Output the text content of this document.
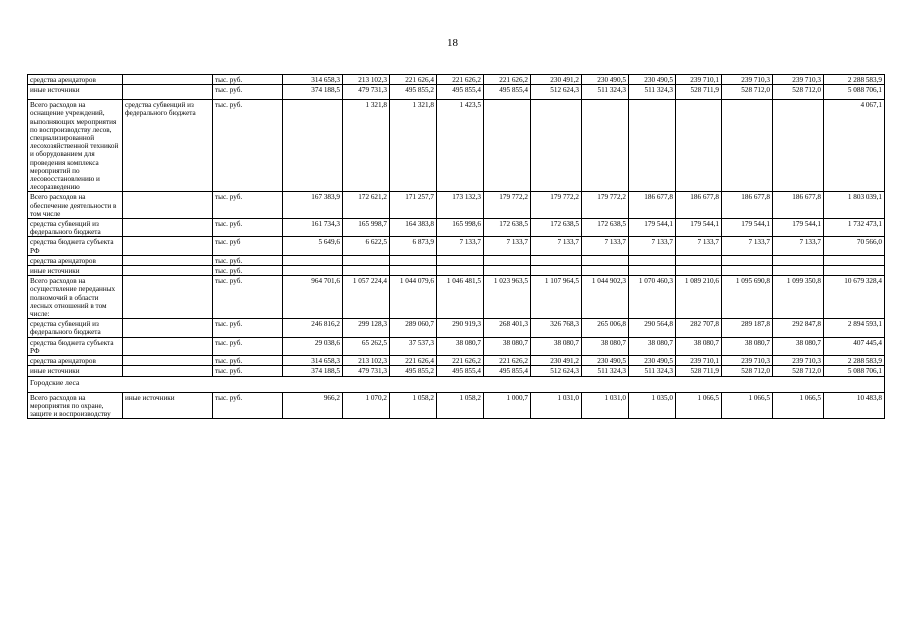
18
средства арендаторов		тыс. руб.	314 658,3	213 102,3	221 626,4	221 626,2	221 626,2	230 491,2	230 490,5	230 490,5	239 710,1	239 710,3	239 710,3	2 288 583,9
иные источники		тыс. руб.	374 188,5	479 731,3	495 855,2	495 855,4	495 855,4	512 624,3	511 324,3	511 324,3	528 711,9	528 712,0	528 712,0	5 088 706,1
Всего расходов на оснащение учреждений, выполняющих мероприятия по воспроизводству лесов, специализированной лесохозяйственной техникой и оборудованием для проведения комплекса мероприятий по лесовосстановлению и лесоразведению	средства субвенций из федерального бюджета	тыс. руб.		1 321,8	1 321,8	1 423,5								4 067,1
Всего расходов на обеспечение деятельности в том числе		тыс. руб.	167 383,9	172 621,2	171 257,7	173 132,3	179 772,2	179 772,2	179 772,2	186 677,8	186 677,8	186 677,8	186 677,8	1 803 039,1
средства субвенций из федерального бюджета		тыс. руб.	161 734,3	165 998,7	164 383,8	165 998,6	172 638,5	172 638,5	172 638,5	179 544,1	179 544,1	179 544,1	179 544,1	1 732 473,1
средства бюджета субъекта РФ		тыс. руб	5 649,6	6 622,5	6 873,9	7 133,7	7 133,7	7 133,7	7 133,7	7 133,7	7 133,7	7 133,7	7 133,7	70 566,0
средства арендаторов		тыс. руб.												
иные источники		тыс. руб.												
Всего расходов на осуществление переданных полномочий в области лесных отношений в том числе:		тыс. руб.	964 701,6	1 057 224,4	1 044 079,6	1 046 481,5	1 023 963,5	1 107 964,5	1 044 902,3	1 070 460,3	1 089 210,6	1 095 690,8	1 099 350,8	10 679 328,4
средства субвенций из федерального бюджета		тыс. руб.	246 816,2	299 128,3	289 060,7	290 919,3	268 401,3	326 768,3	265 006,8	290 564,8	282 707,8	289 187,8	292 847,8	2 894 593,1
средства бюджета субъекта РФ		тыс. руб.	29 038,6	65 262,5	37 537,3	38 080,7	38 080,7	38 080,7	38 080,7	38 080,7	38 080,7	38 080,7	38 080,7	407 445,4
средства арендаторов		тыс. руб.	314 658,3	213 102,3	221 626,4	221 626,2	221 626,2	230 491,2	230 490,5	230 490,5	239 710,1	239 710,3	239 710,3	2 288 583,9
иные источники		тыс. руб.	374 188,5	479 731,3	495 855,2	495 855,4	495 855,4	512 624,3	511 324,3	511 324,3	528 711,9	528 712,0	528 712,0	5 088 706,1
Городские леса														
Всего расходов на мероприятия по охране, защите и воспроизводству	иные источники	тыс. руб.	966,2	1 070,2	1 058,2	1 058,2	1 000,7	1 031,0	1 031,0	1 035,0	1 066,5	1 066,5	1 066,5	10 483,8
